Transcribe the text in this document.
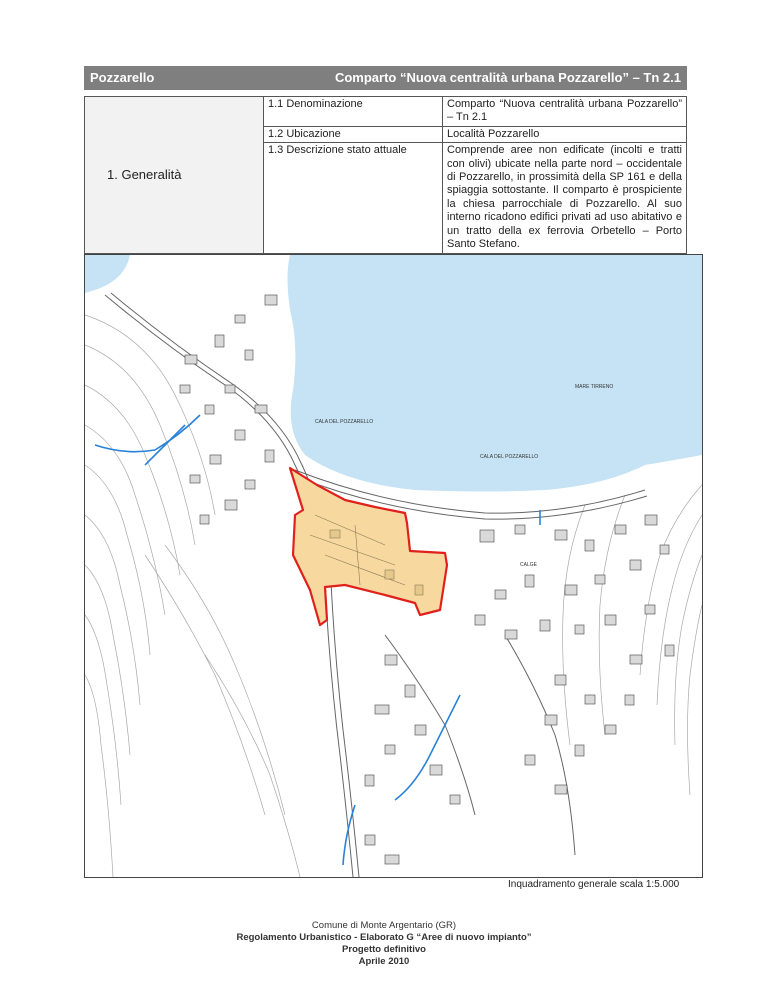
Pozzarello	Comparto “Nuova centralità urbana Pozzarello” – Tn 2.1
1. Generalità	1.1 Denominazione	Comparto “Nuova centralità urbana Pozzarello” – Tn 2.1
	1.2 Ubicazione	Località Pozzarello
	1.3 Descrizione stato attuale	Comprende aree non edificate (incolti e tratti con olivi) ubicate nella parte nord – occidentale di Pozzarello, in prossimità della SP 161 e della spiaggia sottostante. Il comparto è prospiciente la chiesa parrocchiale di Pozzarello. Al suo interno ricadono edifici privati ad uso abitativo e un tratto della ex ferrovia Orbetello – Porto Santo Stefano.
MARE TIRRENO
CALA DEL POZZARELLO
CALA DEL POZZARELLO
CALGE
Inquadramento generale scala 1:5.000
Comune di Monte Argentario (GR)
Regolamento Urbanistico - Elaborato G “Aree di nuovo impianto”
Progetto definitivo
Aprile 2010
